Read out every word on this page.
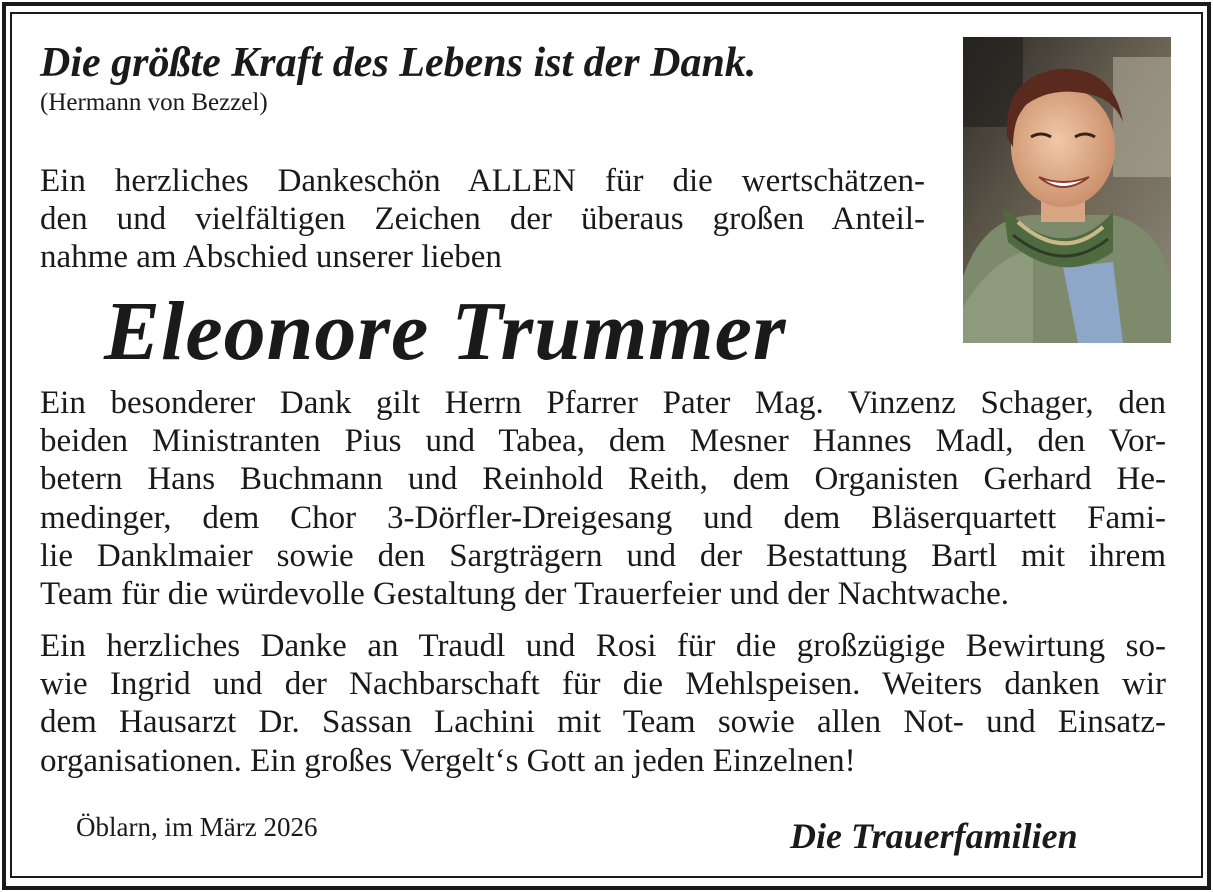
Die größte Kraft des Lebens ist der Dank.
(Hermann von Bezzel)
Ein herzliches Dankeschön ALLEN für die wertschätzen-
den und vielfältigen Zeichen der überaus großen Anteil-
nahme am Abschied unserer lieben
Eleonore Trummer
Ein besonderer Dank gilt Herrn Pfarrer Pater Mag. Vinzenz Schager, den
beiden Ministranten Pius und Tabea, dem Mesner Hannes Madl, den Vor-
betern Hans Buchmann und Reinhold Reith, dem Organisten Gerhard He-
medinger, dem Chor 3-Dörfler-Dreigesang und dem Bläserquartett Fami-
lie Danklmaier sowie den Sargträgern und der Bestattung Bartl mit ihrem
Team für die würdevolle Gestaltung der Trauerfeier und der Nachtwache.
Ein herzliches Danke an Traudl und Rosi für die großzügige Bewirtung so-
wie Ingrid und der Nachbarschaft für die Mehlspeisen. Weiters danken wir
dem Hausarzt Dr. Sassan Lachini mit Team sowie allen Not- und Einsatz-
organisationen. Ein großes Vergelt‘s Gott an jeden Einzelnen!
Öblarn, im März 2026	Die Trauerfamilien
